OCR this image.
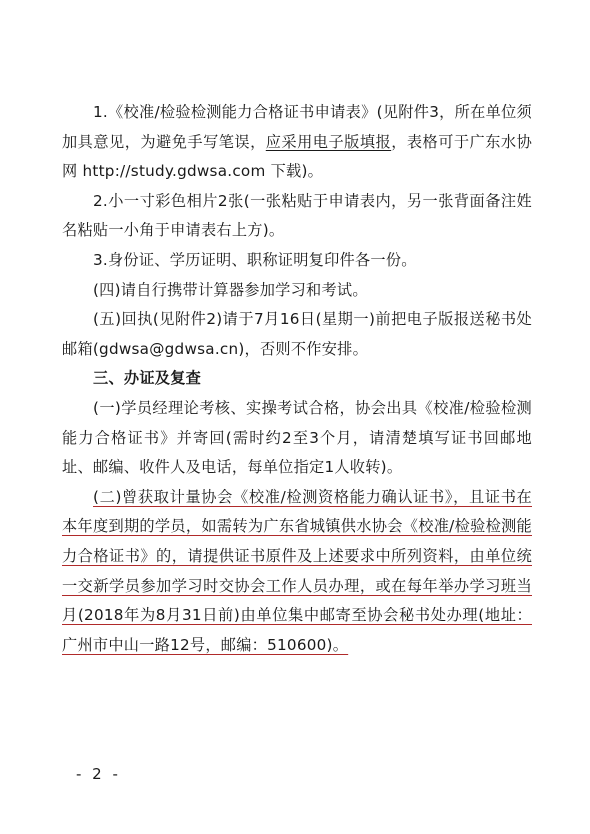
1.《校准/检验检测能力合格证书申请表》(见附件3，所在单位须加具意见，为避免手写笔误，应采用电子版填报，表格可于广东水协网 http://study.gdwsa.com 下载)。

2.小一寸彩色相片2张(一张粘贴于申请表内，另一张背面备注姓名粘贴一小角于申请表右上方)。

3.身份证、学历证明、职称证明复印件各一份。

(四)请自行携带计算器参加学习和考试。

(五)回执(见附件2)请于7月16日(星期一)前把电子版报送秘书处邮箱(gdwsa@gdwsa.cn)，否则不作安排。

三、办证及复查

(一)学员经理论考核、实操考试合格，协会出具《校准/检验检测能力合格证书》并寄回(需时约2至3个月，请清楚填写证书回邮地址、邮编、收件人及电话，每单位指定1人收转)。

(二)曾获取计量协会《校准/检测资格能力确认证书》，且证书在本年度到期的学员，如需转为广东省城镇供水协会《校准/检验检测能力合格证书》的，请提供证书原件及上述要求中所列资料，由单位统一交新学员参加学习时交协会工作人员办理，或在每年举办学习班当月(2018年为8月31日前)由单位集中邮寄至协会秘书处办理(地址：广州市中山一路12号，邮编：510600)。

- 2 -
